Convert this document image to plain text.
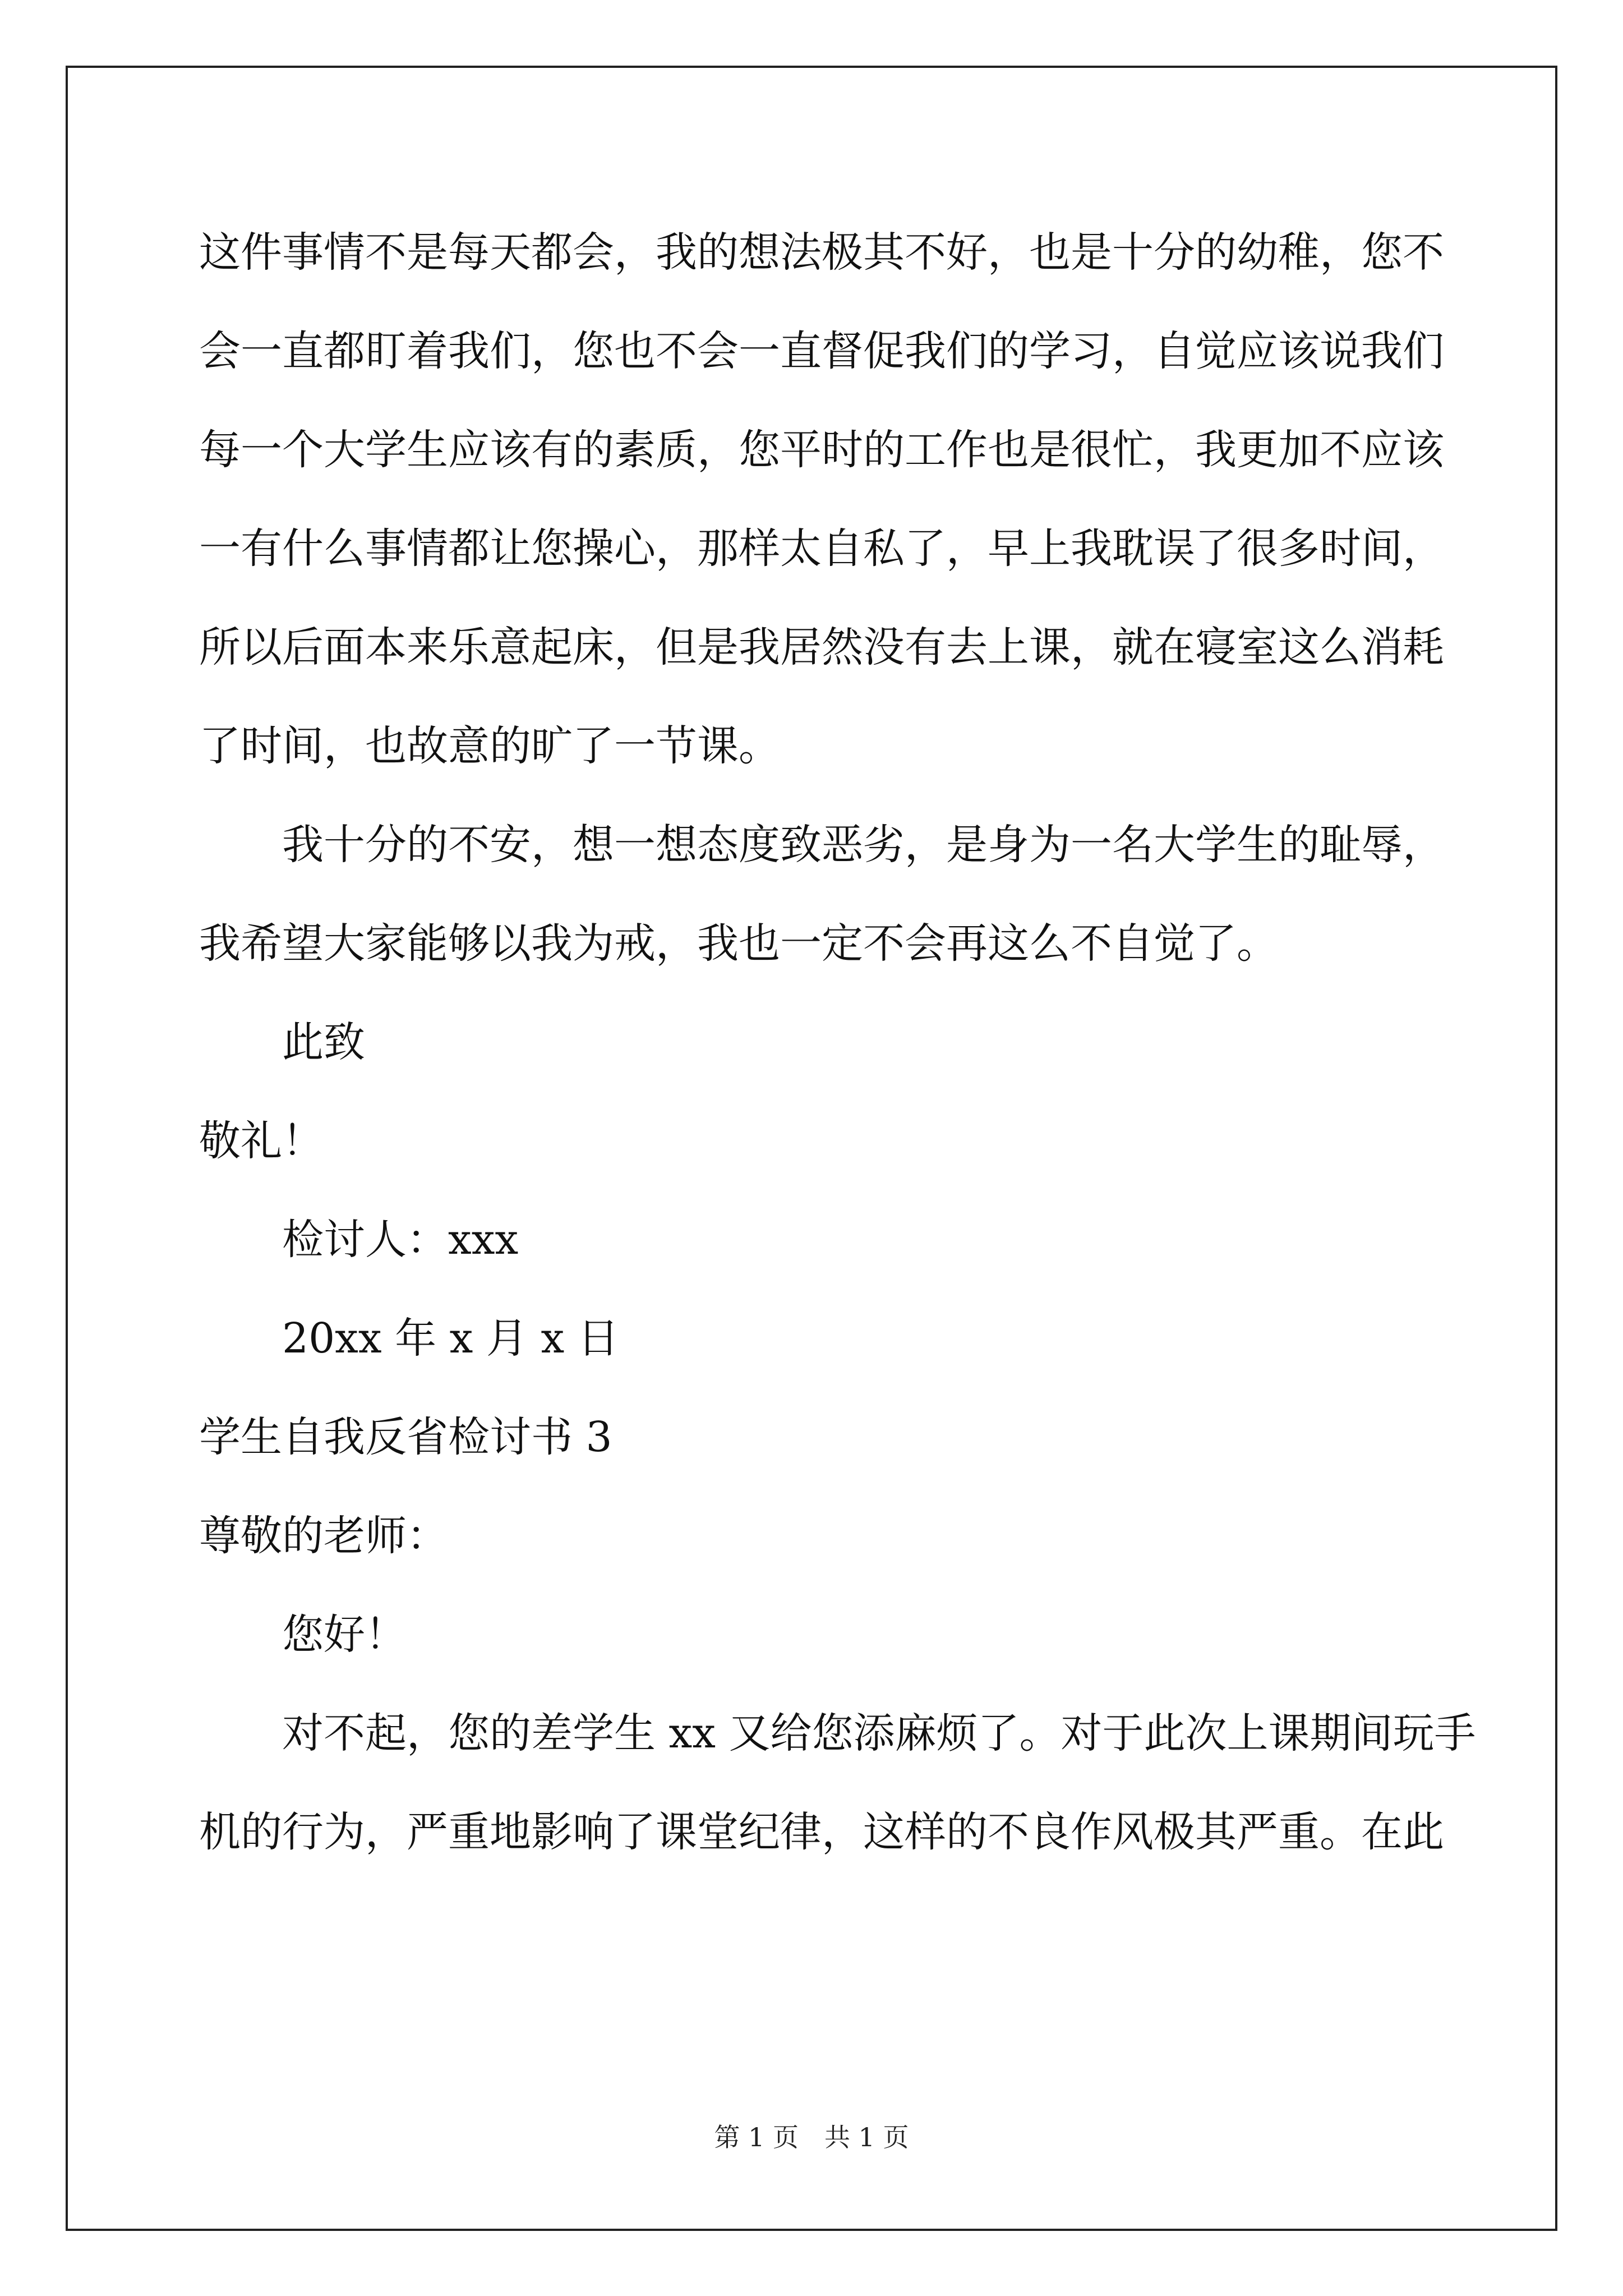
这件事情不是每天都会，我的想法极其不好，也是十分的幼稚，您不
会一直都盯着我们，您也不会一直督促我们的学习，自觉应该说我们
每一个大学生应该有的素质，您平时的工作也是很忙，我更加不应该
一有什么事情都让您操心，那样太自私了，早上我耽误了很多时间，
所以后面本来乐意起床，但是我居然没有去上课，就在寝室这么消耗
了时间，也故意的旷了一节课。
我十分的不安，想一想态度致恶劣，是身为一名大学生的耻辱，
我希望大家能够以我为戒，我也一定不会再这么不自觉了。
此致
敬礼！
检讨人：xxx
20xx 年 x 月 x 日
学生自我反省检讨书 3
尊敬的老师：
您好！
对不起，您的差学生 xx 又给您添麻烦了。对于此次上课期间玩手
机的行为，严重地影响了课堂纪律，这样的不良作风极其严重。在此
第 1 页　共 1 页
